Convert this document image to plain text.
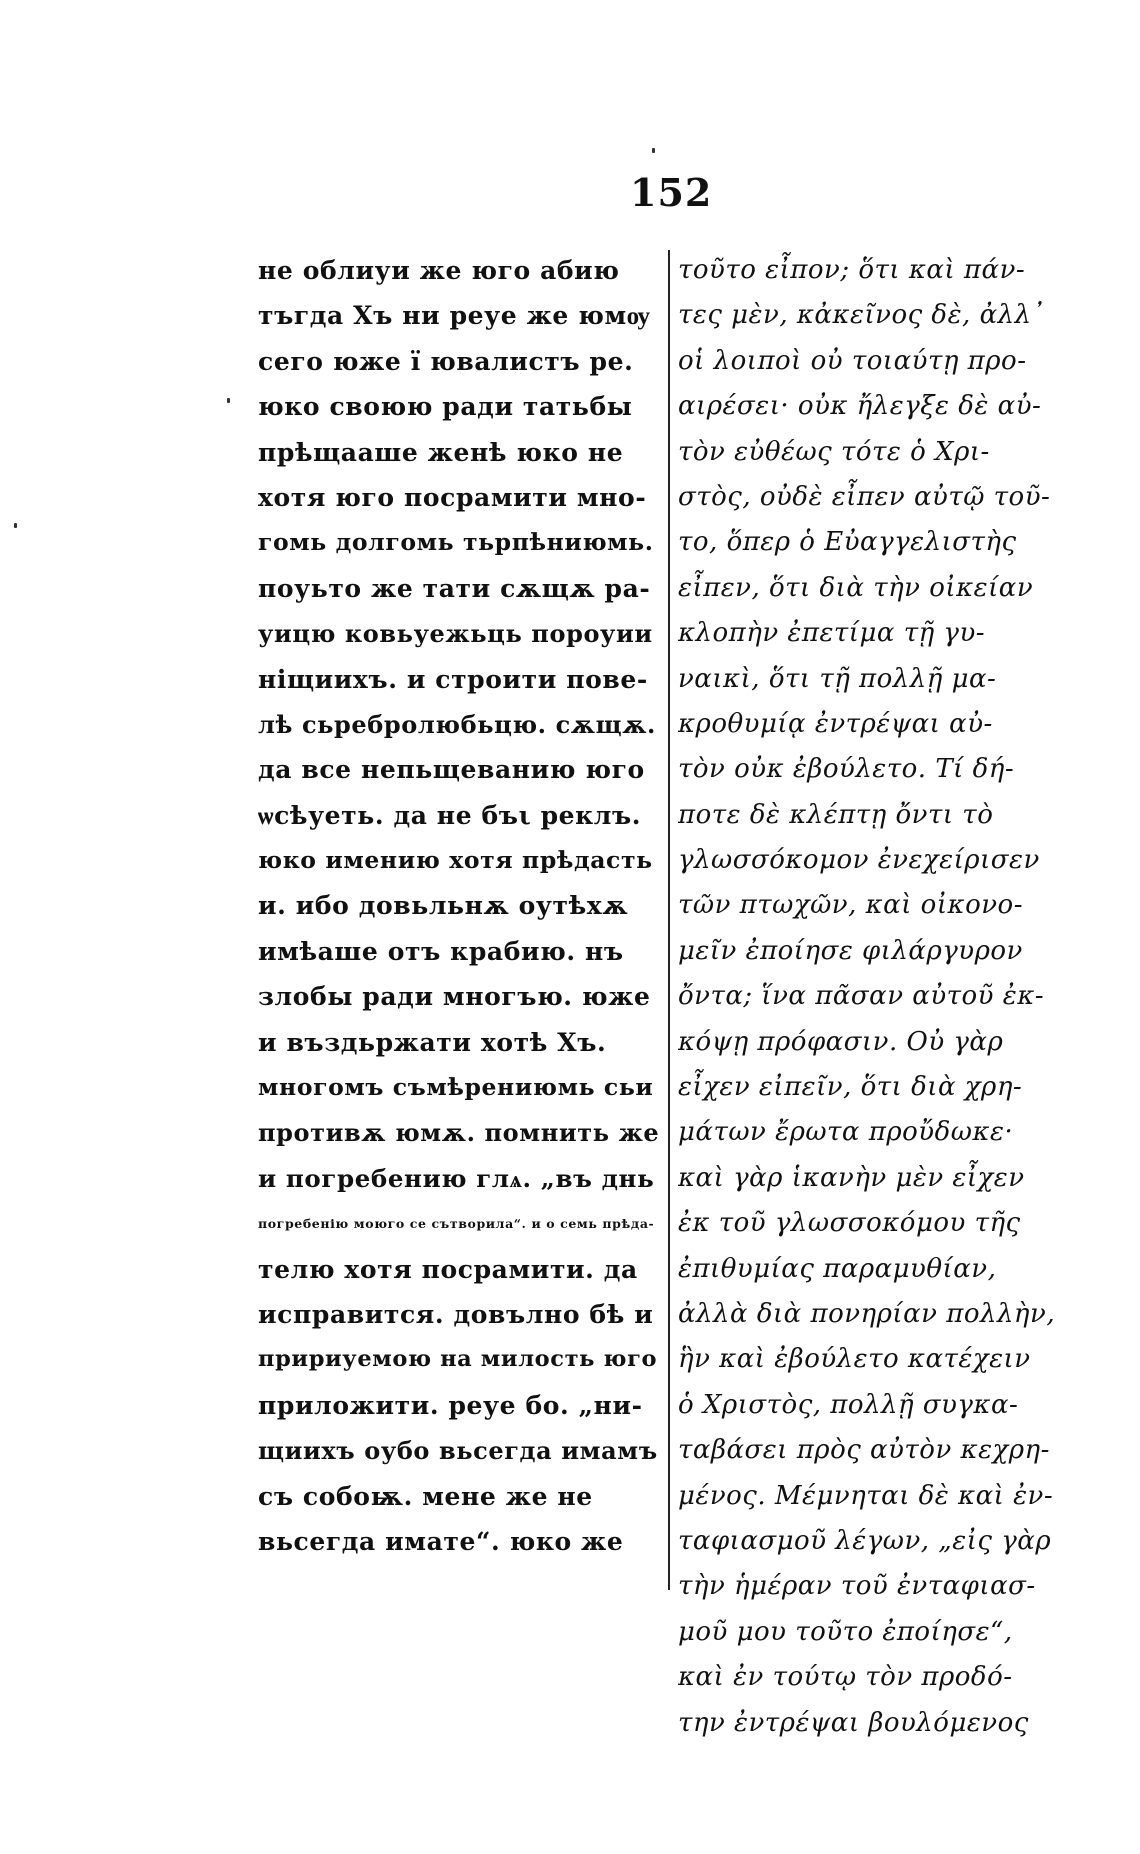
152
не облиуи же юго абию
тъгда Хъ ни реуе же юмѹ
сего юже ї ювалистъ ре.
юко своюю ради татьбы
прѣщааше женѣ юко не
хотя юго посрамити мно-
гомь долгомь тьрпѣниюмь.
поуьто же тати сѫщѫ ра-
уицю ковьуежьць пороуии
ніщиихъ. и строити пове-
лѣ сьребролюбьцю. сѫщѫ.
да все непьщеванию юго
ѡсѣуеть. да не бъι реклъ.
юко имению хотя прѣдасть
и. ибо довьльнѫ оутѣхѫ
имѣаше отъ крабию. нъ
злобы ради многъю. юже
и въздьржати хотѣ Хъ.
многомъ съмѣрениюмь сьи
противѫ юмѫ. помнить же
и погребению глѧ. „въ днь
погребенію моюго се сътворила“. и о семь прѣда-
телю хотя посрамити. да
исправится. довълно бѣ и
пририуемою на милость юго
приложити. реуе бо. „ни-
щиихъ оубо вьсегда имамъ
съ собоѭ. мене же не
вьсегда имате“. юко же
τοῦτο εἶπον; ὅτι καὶ πάν-
τες μὲν, κἀκεῖνος δὲ, ἀλλ᾽
οἱ λοιποὶ οὐ τοιαύτῃ προ-
αιρέσει· οὐκ ἤλεγξε δὲ αὐ-
τὸν εὐθέως τότε ὁ Χρι-
στὸς, οὐδὲ εἶπεν αὐτῷ τοῦ-
το, ὅπερ ὁ Εὐαγγελιστὴς
εἶπεν, ὅτι διὰ τὴν οἰκείαν
κλοπὴν ἐπετίμα τῇ γυ-
ναικὶ, ὅτι τῇ πολλῇ μα-
κροθυμίᾳ ἐντρέψαι αὐ-
τὸν οὐκ ἐβούλετο. Τί δή-
ποτε δὲ κλέπτῃ ὄντι τὸ
γλωσσόκομον ἐνεχείρισεν
τῶν πτωχῶν, καὶ οἰκονο-
μεῖν ἐποίησε φιλάργυρον
ὄντα; ἵνα πᾶσαν αὐτοῦ ἐκ-
κόψῃ πρόφασιν. Οὐ γὰρ
εἶχεν εἰπεῖν, ὅτι διὰ χρη-
μάτων ἔρωτα προὔδωκε·
καὶ γὰρ ἱκανὴν μὲν εἶχεν
ἐκ τοῦ γλωσσοκόμου τῆς
ἐπιθυμίας παραμυθίαν,
ἀλλὰ διὰ πονηρίαν πολλὴν,
ἣν καὶ ἐβούλετο κατέχειν
ὁ Χριστὸς, πολλῇ συγκα-
ταβάσει πρὸς αὐτὸν κεχρη-
μένος. Μέμνηται δὲ καὶ ἐν-
ταφιασμοῦ λέγων, „εἰς γὰρ
τὴν ἡμέραν τοῦ ἐνταφιασ-
μοῦ μου τοῦτο ἐποίησε“,
καὶ ἐν τούτῳ τὸν προδό-
την ἐντρέψαι βουλόμενος
